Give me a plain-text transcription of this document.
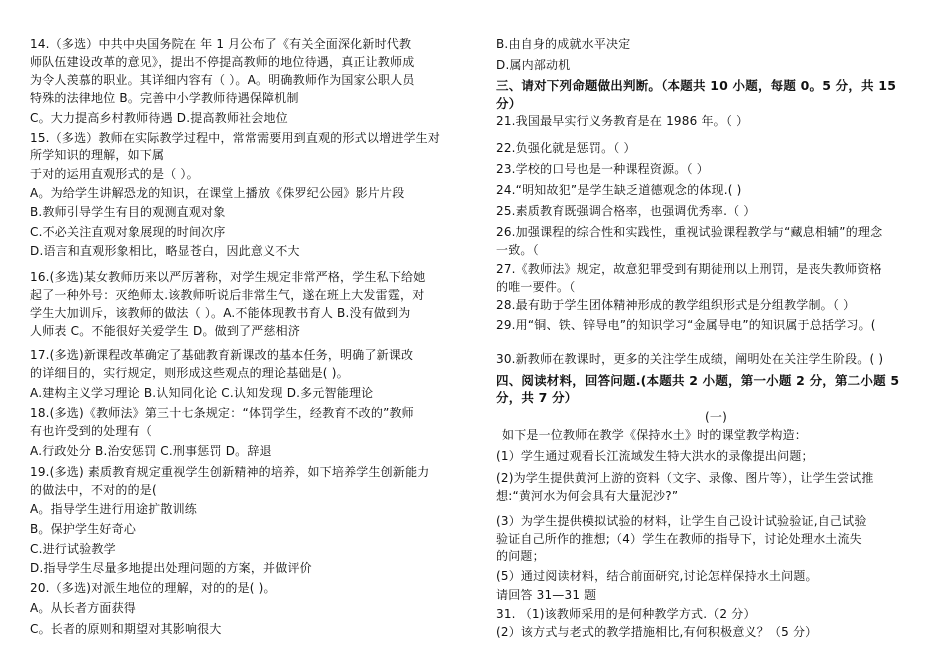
14.（多选）中共中央国务院在 年 1 月公布了《有关全面深化新时代教
师队伍建设改革的意见》，提出不停提高教师的地位待遇，真正让教师成
为令人羡慕的职业。其详细内容有（ ）。A。明确教师作为国家公职人员
特殊的法律地位 B。完善中小学教师待遇保障机制
C。大力提高乡村教师待遇 D.提高教师社会地位
15.（多选）教师在实际教学过程中，常常需要用到直观的形式以增进学生对
所学知识的理解，如下属
于对的运用直观形式的是（ ）。
A。为给学生讲解恐龙的知识，在课堂上播放《侏罗纪公园》影片片段
B.教师引导学生有目的观测直观对象
C.不必关注直观对象展现的时间次序
D.语言和直观形象相比，略显苍白，因此意义不大
16.(多选)某女教师历来以严厉著称，对学生规定非常严格，学生私下给她
起了一种外号：灭绝师太.该教师听说后非常生气，遂在班上大发雷霆，对
学生大加训斥，该教师的做法（ ）。A.不能体现教书育人 B.没有做到为
人师表 C。不能很好关爱学生 D。做到了严慈相济
17.(多选)新课程改革确定了基础教育新课改的基本任务，明确了新课改
的详细目的，实行规定，则形成这些观点的理论基础是( )。
A.建构主义学习理论 B.认知同化论 C.认知发现 D.多元智能理论
18.(多选)《教师法》第三十七条规定：“体罚学生，经教育不改的”教师
有也许受到的处理有（
A.行政处分 B.治安惩罚 C.刑事惩罚 D。辞退
19.(多选) 素质教育规定重视学生创新精神的培养，如下培养学生创新能力
的做法中，不对的的是(
A。指导学生进行用途扩散训练
B。保护学生好奇心
C.进行试验教学
D.指导学生尽量多地提出处理问题的方案，并做评价
20.（多选)对派生地位的理解，对的的是( )。
A。从长者方面获得
C。长者的原则和期望对其影响很大
B.由自身的成就水平决定
D.属内部动机
三、请对下列命题做出判断。（本题共 10 小题，每题 0。5 分，共 15
分）
21.我国最早实行义务教育是在 1986 年。（ ）
22.负强化就是惩罚。（ ）
23.学校的口号也是一种课程资源。（ ）
24.“明知故犯”是学生缺乏道德观念的体现.( )
25.素质教育既强调合格率，也强调优秀率.（ ）
26.加强课程的综合性和实践性，重视试验课程教学与“藏息相辅”的理念
一致。（
27.《教师法》规定，故意犯罪受到有期徒刑以上刑罚，是丧失教师资格
的唯一要件。（
28.最有助于学生团体精神形成的教学组织形式是分组教学制。（ ）
29.用“铜、铁、锌导电”的知识学习“金属导电”的知识属于总括学习。(
30.新教师在教课时，更多的关注学生成绩，阐明处在关注学生阶段。( )
四、阅读材料，回答问题.(本题共 2 小题，第一小题 2 分，第二小题 5
分，共 7 分）
(一)
如下是一位教师在教学《保持水土》时的课堂教学构造：
(1）学生通过观看长江流域发生特大洪水的录像提出问题；
(2)为学生提供黄河上游的资料（文字、录像、图片等），让学生尝试推
想:“黄河水为何会具有大量泥沙?”
(3）为学生提供模拟试验的材料，让学生自己设计试验验证,自己试验
验证自己所作的推想;（4）学生在教师的指导下，讨论处理水土流失
的问题；
(5）通过阅读材料，结合前面研究,讨论怎样保持水土问题。
请回答 31—31 题
31. （1)该教师采用的是何种教学方式.（2 分）
(2）该方式与老式的教学措施相比,有何积极意义？（5 分）
